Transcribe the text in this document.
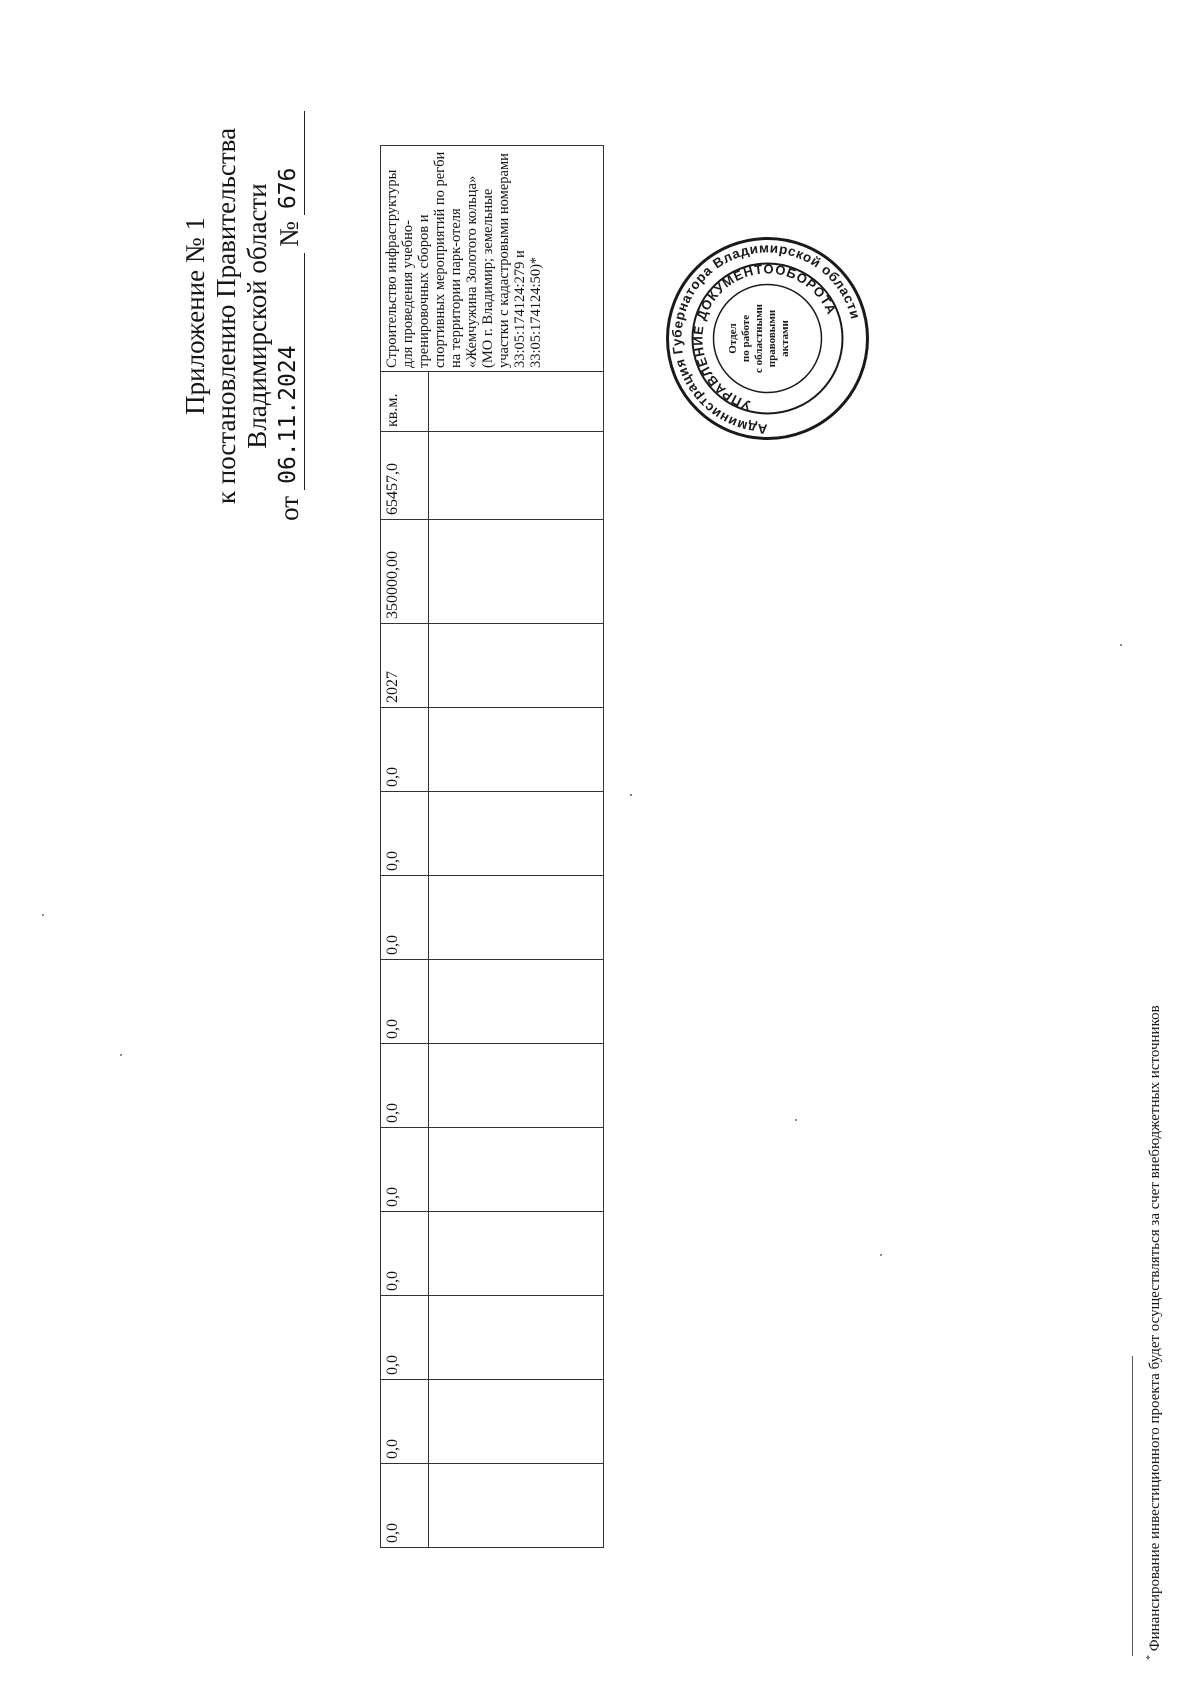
Приложение № 1 к постановлению Правительства Владимирской области
от
06.11.2024
№
676
0,0	0,0	0,0	0,0	0,0	0,0	0,0	0,0	0,0	0,0	2027	350000,00	65457,0	кв.м.	Строительство инфраструктуры для проведения учебно-тренировочных сборов и спортивных мероприятий по регби на территории парк-отеля «Жемчужина Золотого кольца» (МО г. Владимир; земельные участки с кадастровыми номерами 33:05:174124:279 и 33:05:174124:50)*

Администрация Губернатора Владимирской области
УПРАВЛЕНИЕ ДОКУМЕНТООБОРОТА
Отдел по работе с областными правовыми актами
* Финансирование инвестиционного проекта будет осуществляться за счет внебюджетных источников
